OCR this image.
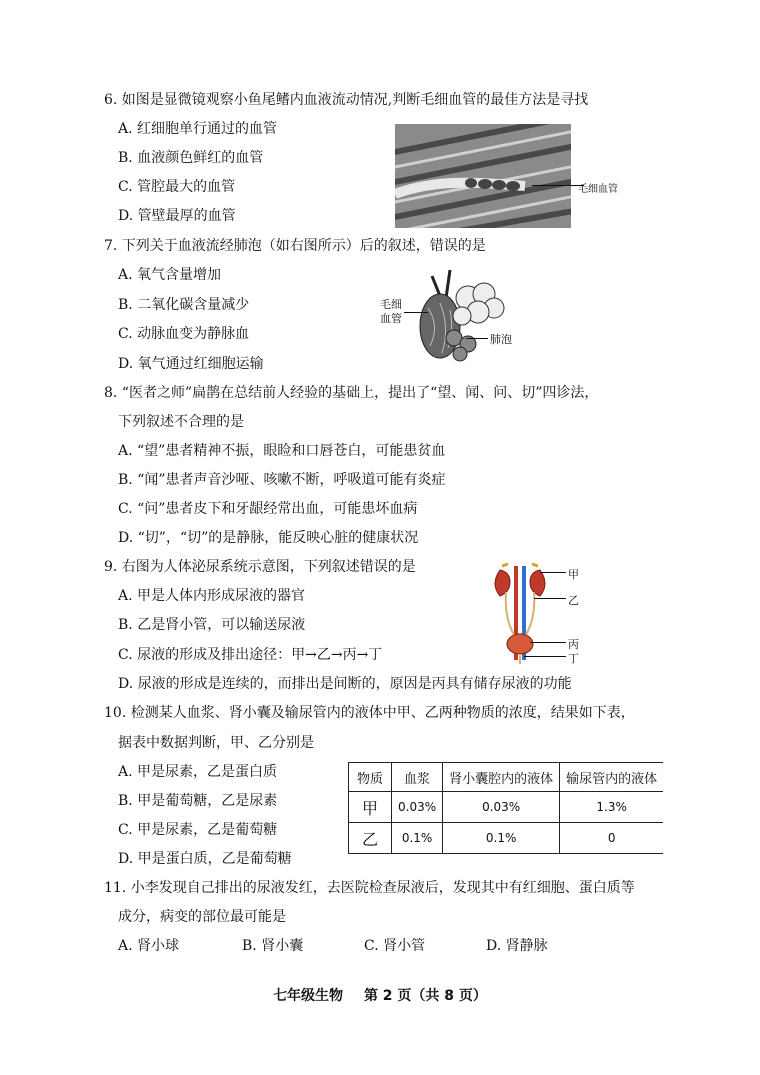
6. 如图是显微镜观察小鱼尾鳍内血液流动情况,判断毛细血管的最佳方法是寻找
A. 红细胞单行通过的血管
B. 血液颜色鲜红的血管
C. 管腔最大的血管
D. 管壁最厚的血管
毛细血管
7. 下列关于血液流经肺泡（如右图所示）后的叙述，错误的是
A. 氧气含量增加
B. 二氧化碳含量减少
C. 动脉血变为静脉血
D. 氧气通过红细胞运输
毛细
血管
肺泡
8. “医者之师”扁鹊在总结前人经验的基础上，提出了“望、闻、问、切”四诊法，
下列叙述不合理的是
A. “望”患者精神不振，眼睑和口唇苍白，可能患贫血
B. “闻”患者声音沙哑、咳嗽不断，呼吸道可能有炎症
C. “问”患者皮下和牙龈经常出血，可能患坏血病
D. “切”，“切”的是静脉，能反映心脏的健康状况
9. 右图为人体泌尿系统示意图，下列叙述错误的是
A. 甲是人体内形成尿液的器官
B. 乙是肾小管，可以输送尿液
C. 尿液的形成及排出途径：甲→乙→丙→丁
D. 尿液的形成是连续的，而排出是间断的，原因是丙具有储存尿液的功能
甲
乙
丙
丁
10. 检测某人血浆、肾小囊及输尿管内的液体中甲、乙两种物质的浓度，结果如下表，
据表中数据判断，甲、乙分别是
A. 甲是尿素，乙是蛋白质
B. 甲是葡萄糖，乙是尿素
C. 甲是尿素，乙是葡萄糖
D. 甲是蛋白质，乙是葡萄糖
物质	血浆	肾小囊腔内的液体	输尿管内的液体
甲	0.03%	0.03%	1.3%
乙	0.1%	0.1%	0
11. 小李发现自己排出的尿液发红，去医院检查尿液后，发现其中有红细胞、蛋白质等
成分，病变的部位最可能是
A. 肾小球	B. 肾小囊	C. 肾小管	D. 肾静脉
七年级生物 第 2 页（共 8 页）
